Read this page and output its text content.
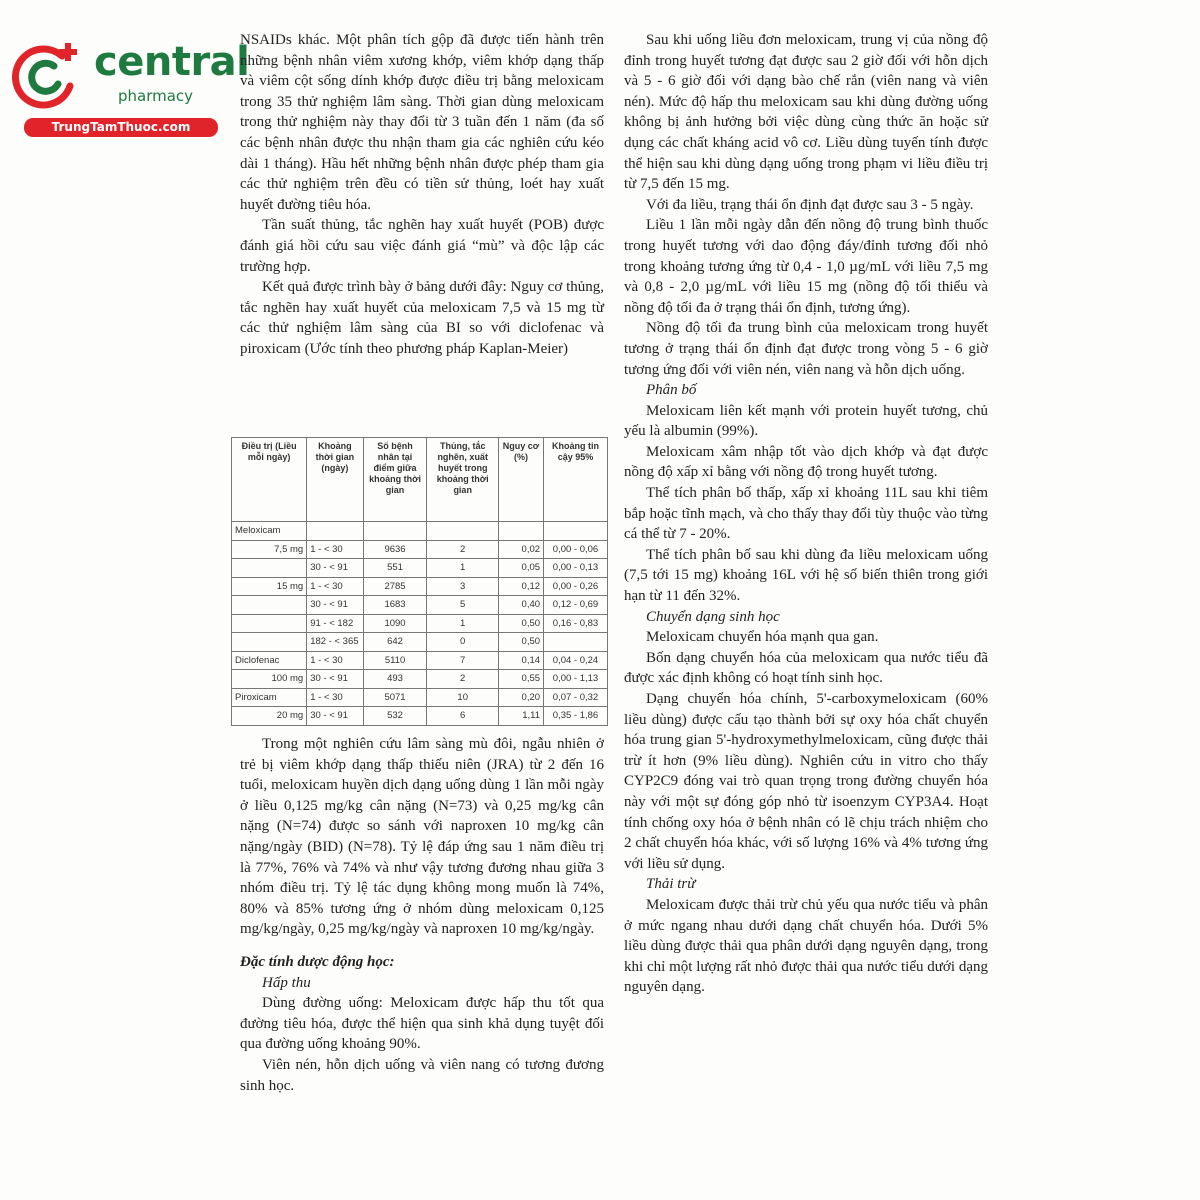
central
pharmacy
TrungTamThuoc.com

NSAIDs khác. Một phân tích gộp đã được tiến hành trên những bệnh nhân viêm xương khớp, viêm khớp dạng thấp và viêm cột sống dính khớp được điều trị bằng meloxicam trong 35 thử nghiệm lâm sàng. Thời gian dùng meloxicam trong thử nghiệm này thay đổi từ 3 tuần đến 1 năm (đa số các bệnh nhân được thu nhận tham gia các nghiên cứu kéo dài 1 tháng). Hầu hết những bệnh nhân được phép tham gia các thử nghiệm trên đều có tiền sử thủng, loét hay xuất huyết đường tiêu hóa.

Tần suất thủng, tắc nghẽn hay xuất huyết (POB) được đánh giá hồi cứu sau việc đánh giá “mù” và độc lập các trường hợp.

Kết quả được trình bày ở bảng dưới đây: Nguy cơ thủng, tắc nghẽn hay xuất huyết của meloxicam 7,5 và 15 mg từ các thử nghiệm lâm sàng của BI so với diclofenac và piroxicam (Ước tính theo phương pháp Kaplan-Meier)

Trong một nghiên cứu lâm sàng mù đôi, ngẫu nhiên ở trẻ bị viêm khớp dạng thấp thiếu niên (JRA) từ 2 đến 16 tuổi, meloxicam huyền dịch dạng uống dùng 1 lần mỗi ngày ở liều 0,125 mg/kg cân nặng (N=73) và 0,25 mg/kg cân nặng (N=74) được so sánh với naproxen 10 mg/kg cân nặng/ngày (BID) (N=78). Tỷ lệ đáp ứng sau 1 năm điều trị là 77%, 76% và 74% và như vậy tương đương nhau giữa 3 nhóm điều trị. Tỷ lệ tác dụng không mong muốn là 74%, 80% và 85% tương ứng ở nhóm dùng meloxicam 0,125 mg/kg/ngày, 0,25 mg/kg/ngày và naproxen 10 mg/kg/ngày.

Đặc tính dược động học:
Hấp thu

Dùng đường uống: Meloxicam được hấp thu tốt qua đường tiêu hóa, được thể hiện qua sinh khả dụng tuyệt đối qua đường uống khoảng 90%.

Viên nén, hỗn dịch uống và viên nang có tương đương sinh học.

Điều trị (Liều mỗi ngày)	Khoảng thời gian (ngày)	Số bệnh nhân tại điểm giữa khoảng thời gian	Thủng, tắc nghẽn, xuất huyết trong khoảng thời gian	Nguy cơ (%)	Khoảng tin cậy 95%
Meloxicam					
7,5 mg	1 - < 30	9636	2	0,02	0,00 - 0,06
	30 - < 91	551	1	0,05	0,00 - 0,13
15 mg	1 - < 30	2785	3	0,12	0,00 - 0,26
	30 - < 91	1683	5	0,40	0,12 - 0,69
	91 - < 182	1090	1	0,50	0,16 - 0,83
	182 - < 365	642	0	0,50	
Diclofenac	1 - < 30	5110	7	0,14	0,04 - 0,24
100 mg	30 - < 91	493	2	0,55	0,00 - 1,13
Piroxicam	1 - < 30	5071	10	0,20	0,07 - 0,32
20 mg	30 - < 91	532	6	1,11	0,35 - 1,86

Sau khi uống liều đơn meloxicam, trung vị của nồng độ đỉnh trong huyết tương đạt được sau 2 giờ đối với hỗn dịch và 5 - 6 giờ đối với dạng bào chế rắn (viên nang và viên nén). Mức độ hấp thu meloxicam sau khi dùng đường uống không bị ảnh hưởng bởi việc dùng cùng thức ăn hoặc sử dụng các chất kháng acid vô cơ. Liều dùng tuyến tính được thể hiện sau khi dùng dạng uống trong phạm vi liều điều trị từ 7,5 đến 15 mg.

Với đa liều, trạng thái ổn định đạt được sau 3 - 5 ngày.

Liều 1 lần mỗi ngày dẫn đến nồng độ trung bình thuốc trong huyết tương với dao động đáy/đỉnh tương đối nhỏ trong khoảng tương ứng từ 0,4 - 1,0 µg/mL với liều 7,5 mg và 0,8 - 2,0 µg/mL với liều 15 mg (nồng độ tối thiểu và nồng độ tối đa ở trạng thái ổn định, tương ứng).

Nồng độ tối đa trung bình của meloxicam trong huyết tương ở trạng thái ổn định đạt được trong vòng 5 - 6 giờ tương ứng đối với viên nén, viên nang và hỗn dịch uống.

Phân bố

Meloxicam liên kết mạnh với protein huyết tương, chủ yếu là albumin (99%).

Meloxicam xâm nhập tốt vào dịch khớp và đạt được nồng độ xấp xỉ bằng với nồng độ trong huyết tương.

Thể tích phân bố thấp, xấp xỉ khoảng 11L sau khi tiêm bắp hoặc tĩnh mạch, và cho thấy thay đổi tùy thuộc vào từng cá thể từ 7 - 20%.

Thể tích phân bố sau khi dùng đa liều meloxicam uống (7,5 tới 15 mg) khoảng 16L với hệ số biến thiên trong giới hạn từ 11 đến 32%.

Chuyển dạng sinh học

Meloxicam chuyển hóa mạnh qua gan.

Bốn dạng chuyển hóa của meloxicam qua nước tiểu đã được xác định không có hoạt tính sinh học.

Dạng chuyển hóa chính, 5'-carboxymeloxicam (60% liều dùng) được cấu tạo thành bởi sự oxy hóa chất chuyển hóa trung gian 5'-hydroxymethylmeloxicam, cũng được thải trừ ít hơn (9% liều dùng). Nghiên cứu in vitro cho thấy CYP2C9 đóng vai trò quan trọng trong đường chuyển hóa này với một sự đóng góp nhỏ từ isoenzym CYP3A4. Hoạt tính chống oxy hóa ở bệnh nhân có lẽ chịu trách nhiệm cho 2 chất chuyển hóa khác, với số lượng 16% và 4% tương ứng với liều sử dụng.

Thải trừ

Meloxicam được thải trừ chủ yếu qua nước tiểu và phân ở mức ngang nhau dưới dạng chất chuyển hóa. Dưới 5% liều dùng được thải qua phân dưới dạng nguyên dạng, trong khi chỉ một lượng rất nhỏ được thải qua nước tiểu dưới dạng nguyên dạng.
